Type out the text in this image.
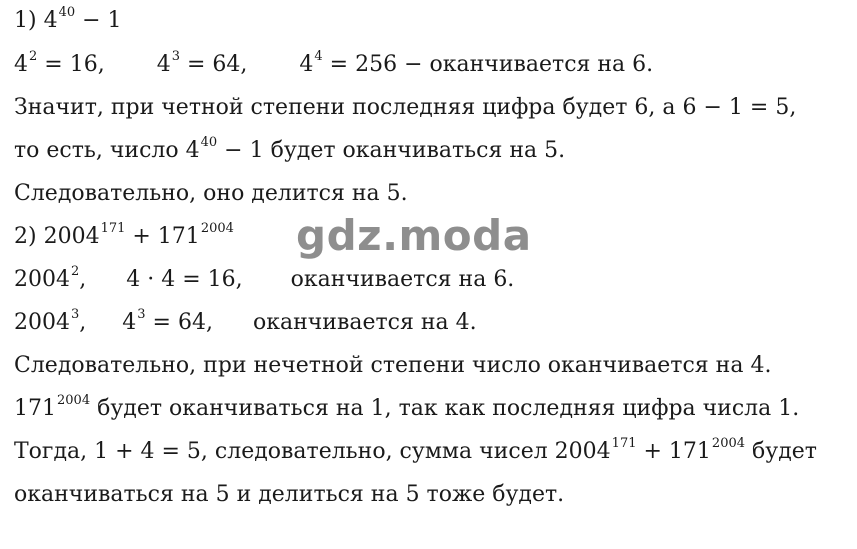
1) $4^{40} - 1$
$4^2 = 16$, $4^3 = 64$, $4^4 = 256$ − оканчивается на 6.
Значит, при четной степени последняя цифра будет 6, а 6 − 1 = 5,
то есть, число $4^{40} - 1$ будет оканчиваться на 5.
Следовательно, оно делится на 5.
2) $2004^{171} + 171^{2004}$
2004$^2$, 4 · 4 = 16, оканчивается на 6.
2004$^3$, $4^3 = 64$, оканчивается на 4.
Следовательно, при нечетной степени число оканчивается на 4.
$171^{2004}$ будет оканчиваться на 1, так как последняя цифра числа 1.
Тогда, 1 + 4 = 5, следовательно, сумма чисел $2004^{171} + 171^{2004}$ будет
оканчиваться на 5 и делиться на 5 тоже будет.
gdz.moda
